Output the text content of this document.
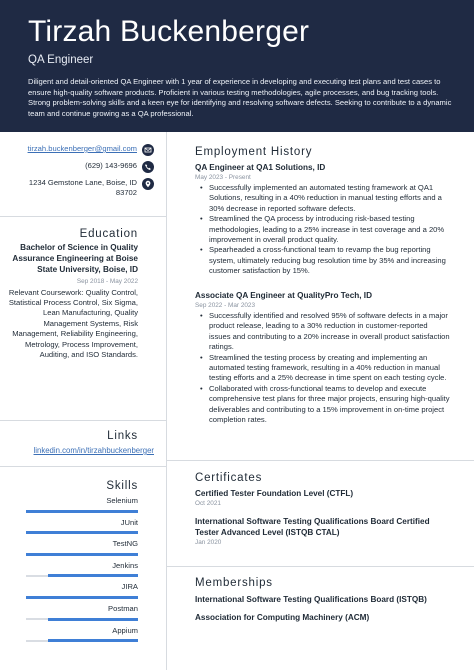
Tirzah Buckenberger
QA Engineer
Diligent and detail-oriented QA Engineer with 1 year of experience in developing and executing test plans and test cases to ensure high-quality software products. Proficient in various testing methodologies, agile processes, and bug tracking tools. Strong problem-solving skills and a keen eye for identifying and resolving software defects. Seeking to contribute to a dynamic team and continue growing as a QA professional.
tirzah.buckenberger@gmail.com
(629) 143-9696
1234 Gemstone Lane, Boise, ID 83702
Education
Bachelor of Science in Quality Assurance Engineering at Boise State University, Boise, ID
Sep 2018 - May 2022
Relevant Coursework: Quality Control, Statistical Process Control, Six Sigma, Lean Manufacturing, Quality Management Systems, Risk Management, Reliability Engineering, Metrology, Process Improvement, Auditing, and ISO Standards.
Links
linkedin.com/in/tirzahbuckenberger
Skills
Selenium
JUnit
TestNG
Jenkins
JIRA
Postman
Appium
Employment History
QA Engineer at QA1 Solutions, ID
May 2023 - Present
• Successfully implemented an automated testing framework at QA1 Solutions, resulting in a 40% reduction in manual testing efforts and a 30% decrease in reported software defects.
• Streamlined the QA process by introducing risk-based testing methodologies, leading to a 25% increase in test coverage and a 20% improvement in overall product quality.
• Spearheaded a cross-functional team to revamp the bug reporting system, ultimately reducing bug resolution time by 35% and increasing customer satisfaction by 15%.
Associate QA Engineer at QualityPro Tech, ID
Sep 2022 - Mar 2023
• Successfully identified and resolved 95% of software defects in a major product release, leading to a 30% reduction in customer-reported issues and contributing to a 20% increase in overall product satisfaction ratings.
• Streamlined the testing process by creating and implementing an automated testing framework, resulting in a 40% reduction in manual testing efforts and a 25% decrease in time spent on each testing cycle.
• Collaborated with cross-functional teams to develop and execute comprehensive test plans for three major projects, ensuring high-quality deliverables and contributing to a 15% improvement in on-time project completion rates.
Certificates
Certified Tester Foundation Level (CTFL)
Oct 2021
International Software Testing Qualifications Board Certified Tester Advanced Level (ISTQB CTAL)
Jan 2020
Memberships
International Software Testing Qualifications Board (ISTQB)
Association for Computing Machinery (ACM)
